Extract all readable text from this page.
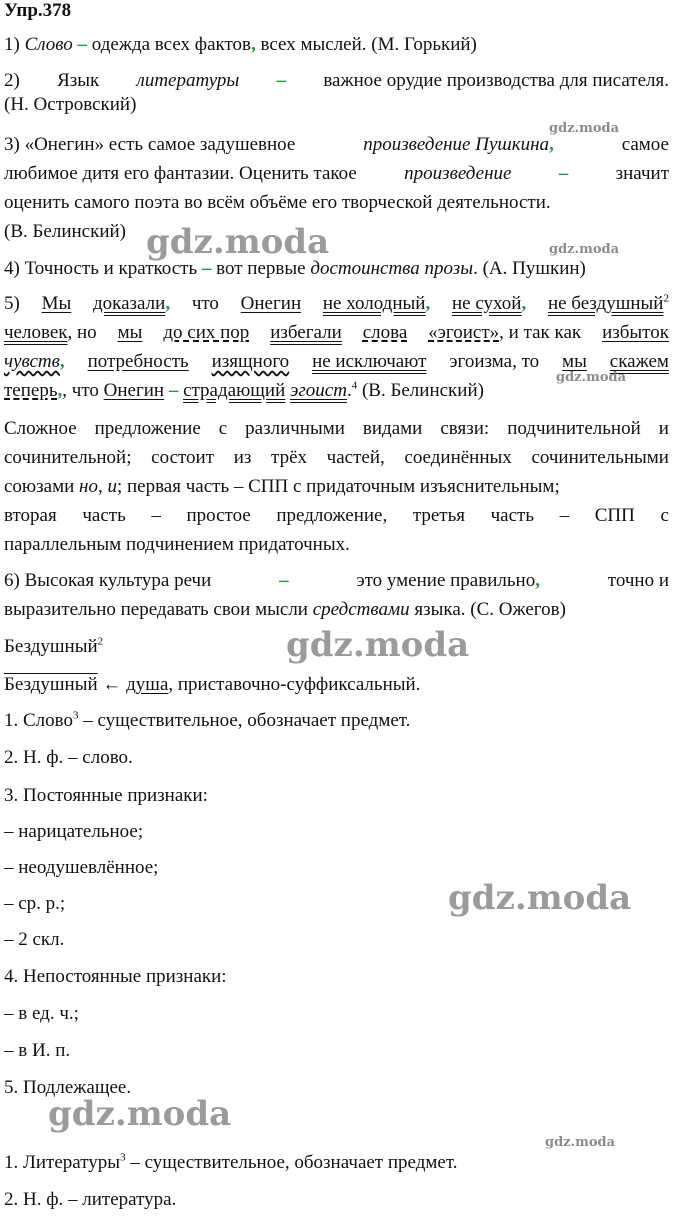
Упр.378
1) Слово – одежда всех фактов, всех мыслей. (М. Горький)
2) Язык литературы – важное орудие производства для писателя.
(Н. Островский)
3) «Онегин» есть самое задушевное	произведение Пушкина,	самое
любимое дитя его фантазии. Оценить такое произведение – значит
оценить самого поэта во всём объёме его творческой деятельности.
(В. Белинский)
4) Точность и краткость – вот первые достоинства прозы. (А. Пушкин)
5) Мы доказали, что Онегин не холодный, не сухой, не бездушный$^2$
человек, но мы до сих пор избегали слова «эгоист», и так как избыток
чувств, потребность изящного не исключают эгоизма, то мы скажем
теперь,, что Онегин – страдающий эгоист.$^4$ (В. Белинский)
Сложное предложение с различными видами связи: подчинительной и
сочинительной; состоит из трёх частей, соединённых сочинительными
союзами но, и; первая часть – СПП с придаточным изъяснительным;
вторая часть – простое предложение, третья часть – СПП с
параллельным подчинением придаточных.
6) Высокая культура речи	–	это умение правильно,	точно и
выразительно передавать свои мысли средствами языка. (С. Ожегов)
Бездушный$^2$
Бездушный ← душа, приставочно-суффиксальный.
1. Слово$^3$ – существительное, обозначает предмет.
2. Н. ф. – слово.
3. Постоянные признаки:
– нарицательное;
– неодушевлённое;
– ср. р.;
– 2 скл.
4. Непостоянные признаки:
– в ед. ч.;
– в И. п.
5. Подлежащее.
1. Литературы$^3$ – существительное, обозначает предмет.
2. Н. ф. – литература.
gdz.moda
gdz.moda
gdz.moda
gdz.moda
gdz.moda
gdz.moda
gdz.moda
gdz.moda
